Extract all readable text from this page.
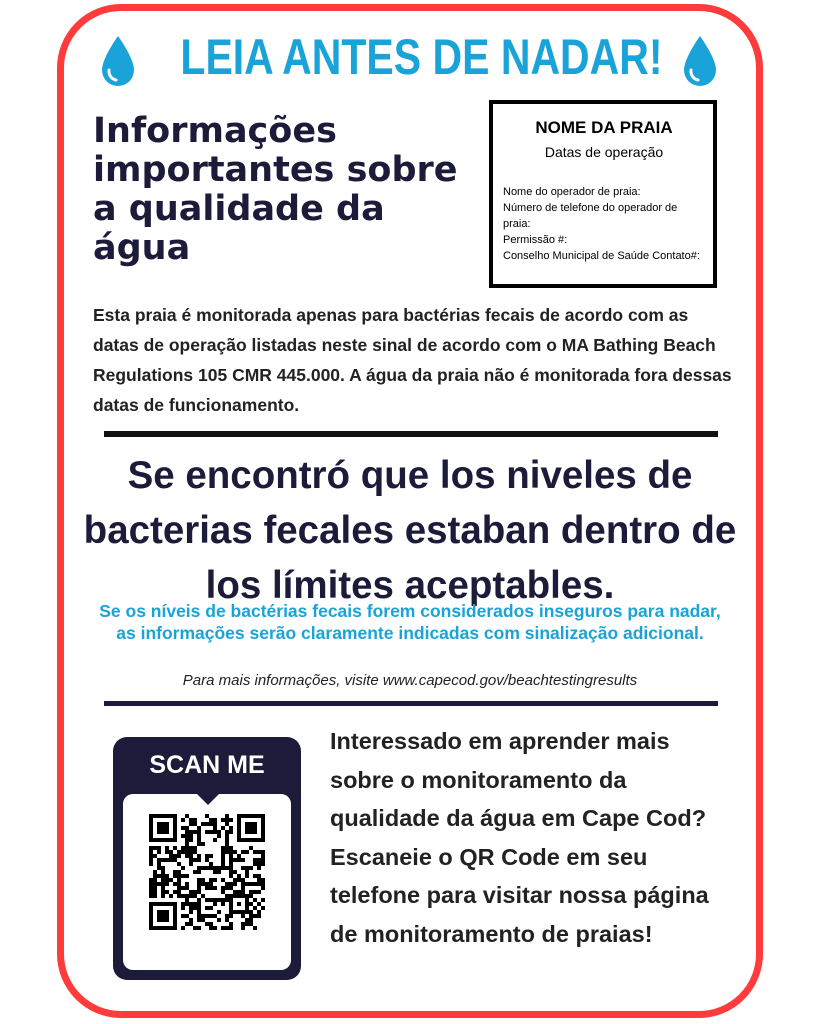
LEIA ANTES DE NADAR!
Informações importantes sobre a qualidade da água
NOME DA PRAIA
Datas de operação
Nome do operador de praia:
Número de telefone do operador de praia:
Permissão #:
Conselho Municipal de Saúde Contato#:

Esta praia é monitorada apenas para bactérias fecais de acordo com as datas de operação listadas neste sinal de acordo com o MA Bathing Beach Regulations 105 CMR 445.000. A água da praia não é monitorada fora dessas datas de funcionamento.

Se encontró que los niveles de bacterias fecales estaban dentro de los límites aceptables.

Se os níveis de bactérias fecais forem considerados inseguros para nadar, as informações serão claramente indicadas com sinalização adicional.

Para mais informações, visite www.capecod.gov/beachtestingresults

SCAN ME

Interessado em aprender mais sobre o monitoramento da qualidade da água em Cape Cod? Escaneie o QR Code em seu telefone para visitar nossa página de monitoramento de praias!
